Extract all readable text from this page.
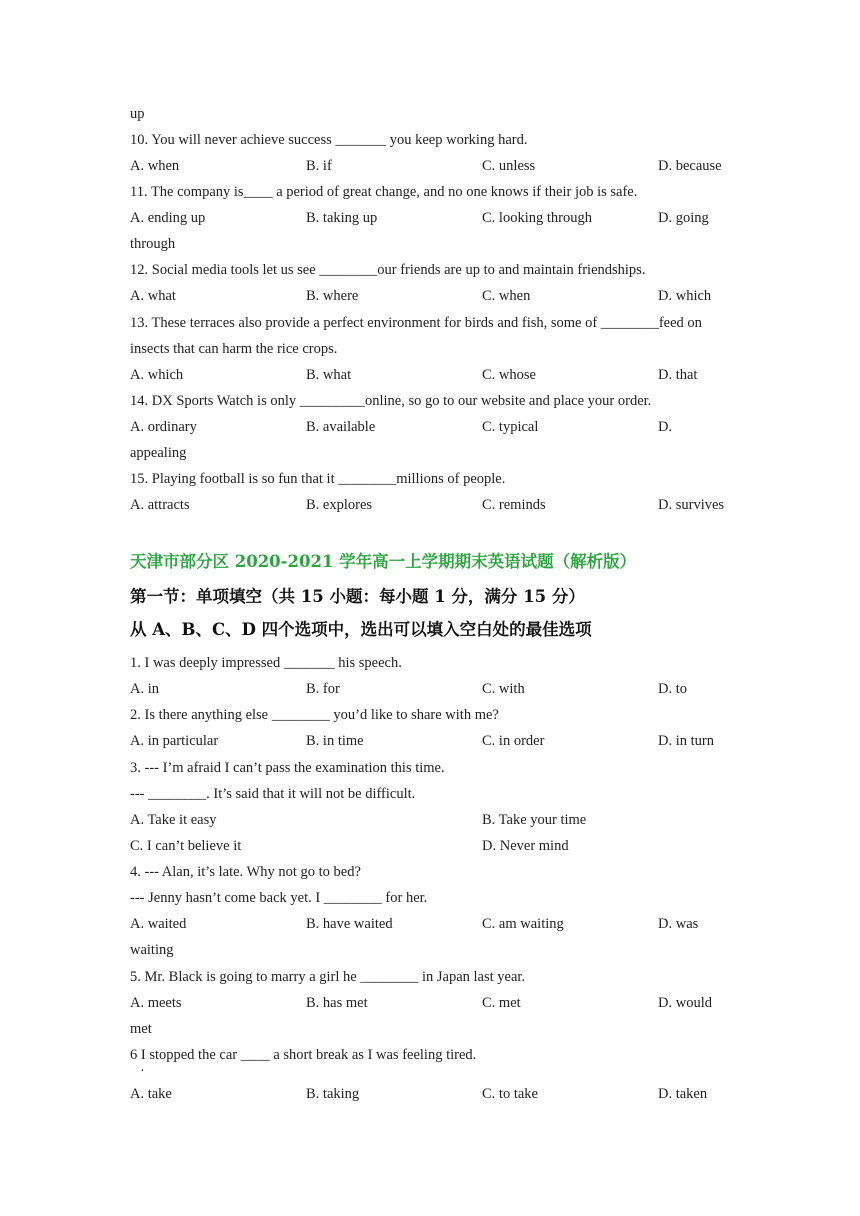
up
10. You will never achieve success _______ you keep working hard.
A. when	B. if	C. unless	D. because
11. The company is____ a period of great change, and no one knows if their job is safe.
A. ending up	B. taking up	C. looking through	D. going
through
12. Social media tools let us see ________our friends are up to and maintain friendships.
A. what	B. where	C. when	D. which
13. These terraces also provide a perfect environment for birds and fish, some of ________feed on
insects that can harm the rice crops.
A. which	B. what	C. whose	D. that
14. DX Sports Watch is only _________online, so go to our website and place your order.
A. ordinary	B. available	C. typical	D.
appealing
15. Playing football is so fun that it ________millions of people.
A. attracts	B. explores	C. reminds	D. survives
天津市部分区 2020-2021 学年高一上学期期末英语试题（解析版）
第一节：单项填空（共 15 小题：每小题 1 分，满分 15 分）
从 A、B、C、D 四个选项中，选出可以填入空白处的最佳选项
1. I was deeply impressed _______ his speech.
A. in	B. for	C. with	D. to
2. Is there anything else ________ you’d like to share with me?
A. in particular	B. in time	C. in order	D. in turn
3. --- I’m afraid I can’t pass the examination this time.
--- ________. It’s said that it will not be difficult.
A. Take it easy	B. Take your time
C. I can’t believe it	D. Never mind
4. --- Alan, it’s late. Why not go to bed?
--- Jenny hasn’t come back yet. I ________ for her.
A. waited	B. have waited	C. am waiting	D. was
waiting
5. Mr. Black is going to marry a girl he ________ in Japan last year.
A. meets	B. has met	C. met	D. would
met
6 I stopped the car ____ a short break as I was feeling tired.
·
A. take	B. taking	C. to take	D. taken
